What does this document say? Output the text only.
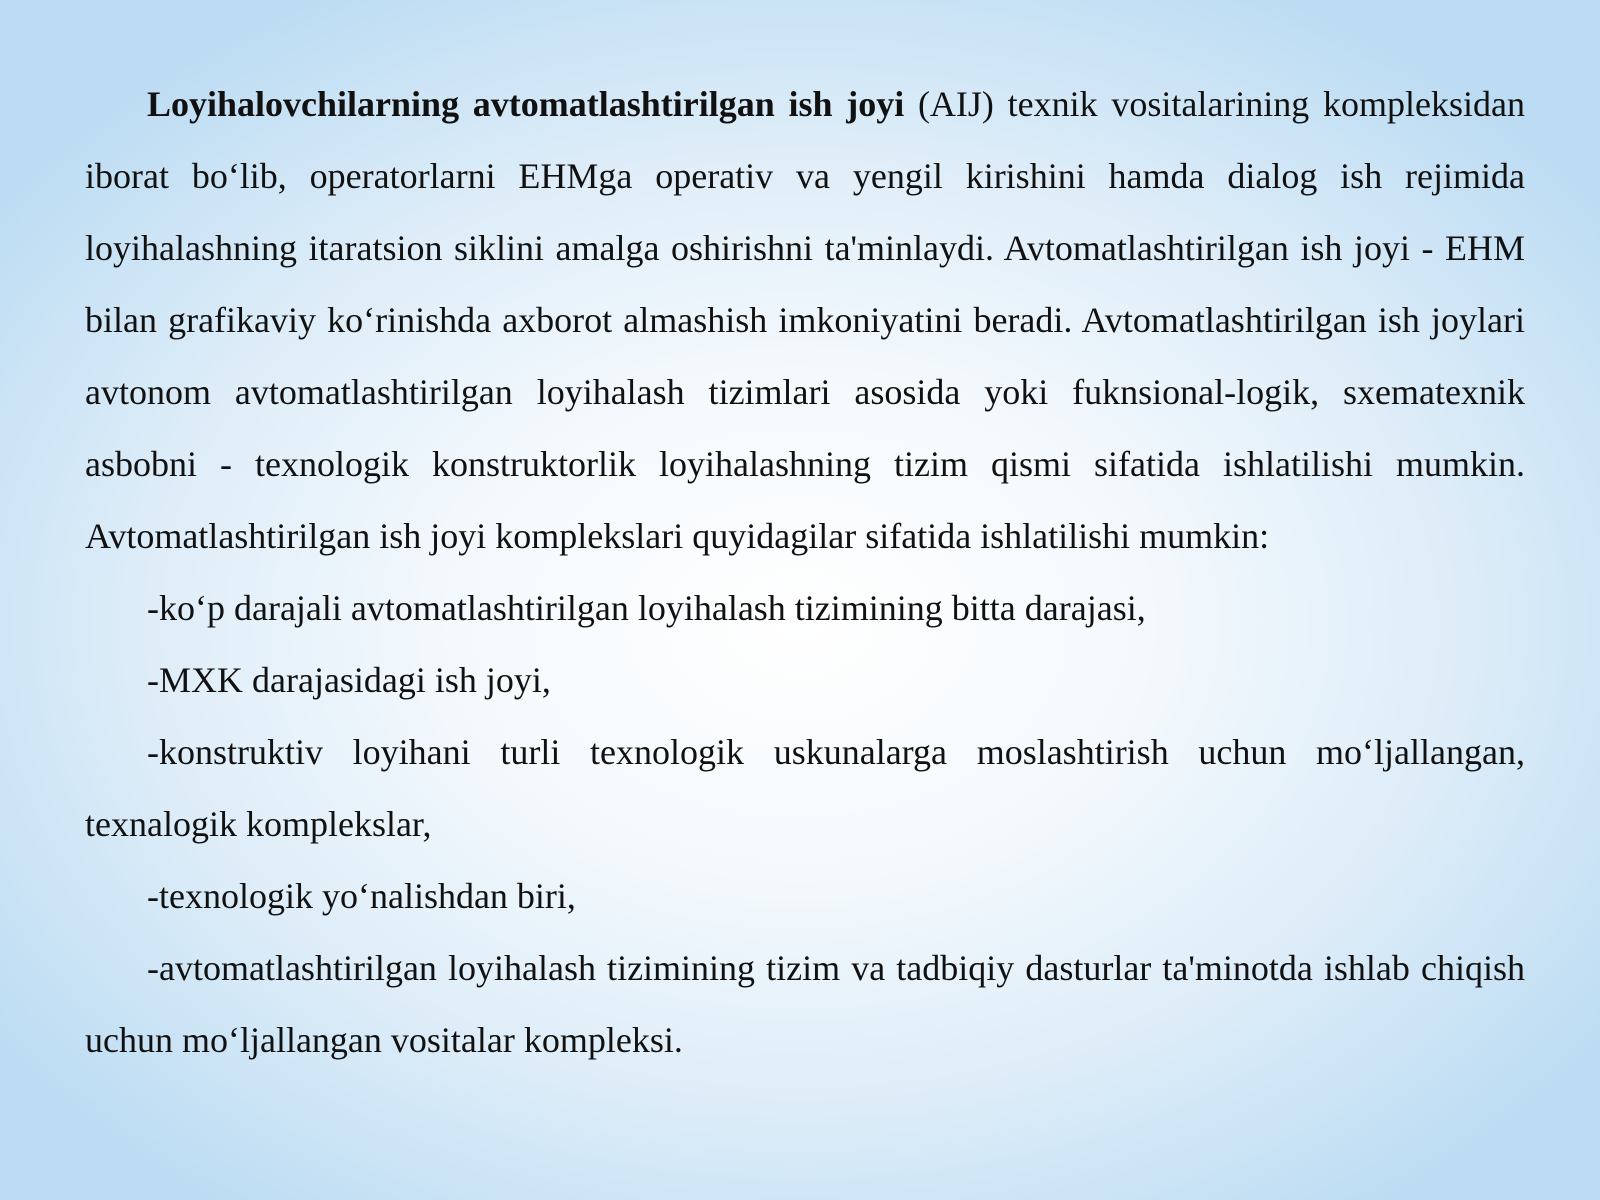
Loyihalovchilarning avtomatlashtirilgan ish joyi (AIJ) texnik vositalarining kompleksidan iborat bo‘lib, operatorlarni EHMga operativ va yengil kirishini hamda dialog ish rejimida loyihalashning itaratsion siklini amalga oshirishni ta'minlaydi. Avtomatlashtirilgan ish joyi - EHM bilan grafikaviy ko‘rinishda axborot almashish imkoniyatini beradi. Avtomatlashtirilgan ish joylari avtonom avtomatlashtirilgan loyihalash tizimlari asosida yoki fuknsional-logik, sxematexnik asbobni - texnologik konstruktorlik loyihalashning tizim qismi sifatida ishlatilishi mumkin. Avtomatlashtirilgan ish joyi komplekslari quyidagilar sifatida ishlatilishi mumkin:

-ko‘p darajali avtomatlashtirilgan loyihalash tizimining bitta darajasi,

-MXK darajasidagi ish joyi,

-konstruktiv loyihani turli texnologik uskunalarga moslashtirish uchun mo‘ljallangan, texnalogik komplekslar,

-texnologik yo‘nalishdan biri,

-avtomatlashtirilgan loyihalash tizimining tizim va tadbiqiy dasturlar ta'minotda ishlab chiqish uchun mo‘ljallangan vositalar kompleksi.
